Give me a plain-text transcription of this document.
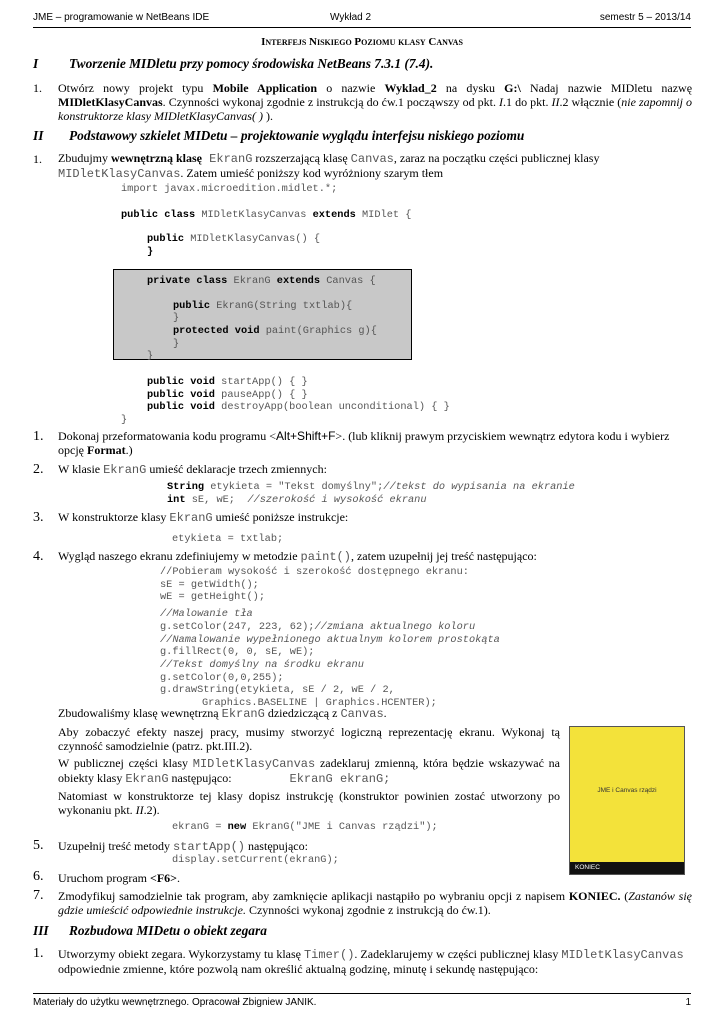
JME – programowanie w NetBeans IDE	Wykład 2	semestr 5 – 2013/14
Interfejs Niskiego Poziomu klasy Canvas
I Tworzenie MIDletu przy pomocy środowiska NetBeans 7.3.1 (7.4).
1. Otwórz nowy projekt typu Mobile Application o nazwie Wyklad_2 na dysku G:\ Nadaj nazwie MIDletu nazwę MIDletKlasyCanvas. Czynności wykonaj zgodnie z instrukcją do ćw.1 począwszy od pkt. I.1 do pkt. II.2 włącznie (nie zapomnij o konstruktorze klasy MIDletKlasyCanvas( ) ).
II Podstawowy szkielet MIDetu – projektowanie wyglądu interfejsu niskiego poziomu
1. Zbudujmy wewnętrzną klasę EkranG rozszerzającą klasę Canvas, zaraz na początku części publicznej klasy
MIDletKlasyCanvas. Zatem umieść poniższy kod wyróżniony szarym tłem
import javax.microedition.midlet.*;
public class MIDletKlasyCanvas extends MIDlet {
public MIDletKlasyCanvas() {
}
private class EkranG extends Canvas {
public EkranG(String txtlab){
}
protected void paint(Graphics g){
}
}
public void startApp() { }
public void pauseApp() { }
public void destroyApp(boolean unconditional) { }
}
1. Dokonaj przeformatowania kodu programu <Alt+Shift+F>. (lub kliknij prawym przyciskiem wewnątrz edytora kodu i wybierz opcję Format.)
2. W klasie EkranG umieść deklaracje trzech zmiennych:
String etykieta = "Tekst domyślny";//tekst do wypisania na ekranie
int sE, wE;  //szerokość i wysokość ekranu
3. W konstruktorze klasy EkranG umieść poniższe instrukcje:
etykieta = txtlab;
4. Wygląd naszego ekranu zdefiniujemy w metodzie paint(), zatem uzupełnij jej treść następująco:
//Pobieram wysokość i szerokość dostępnego ekranu:
sE = getWidth();
wE = getHeight();
//Malowanie tła
g.setColor(247, 223, 62);//zmiana aktualnego koloru
//Namalowanie wypełnionego aktualnym kolorem prostokąta
g.fillRect(0, 0, sE, wE);
//Tekst domyślny na środku ekranu
g.setColor(0,0,255);
g.drawString(etykieta, sE / 2, wE / 2,
Graphics.BASELINE | Graphics.HCENTER);
Zbudowaliśmy klasę wewnętrzną EkranG dziedziczącą z Canvas.
Aby zobaczyć efekty naszej pracy, musimy stworzyć logiczną reprezentację ekranu. Wykonaj tą czynność samodzielnie (patrz. pkt.III.2).
W publicznej części klasy MIDletKlasyCanvas zadeklaruj zmienną, która będzie wskazywać na obiekty klasy EkranG następująco:	EkranG ekranG;
Natomiast w konstruktorze tej klasy dopisz instrukcję (konstruktor powinien zostać utworzony po wykonaniu pkt. II.2).
ekranG = new EkranG("JME i Canvas rządzi");
JME i Canvas rządzi
KONIEC
5. Uzupełnij treść metody startApp() następująco:
display.setCurrent(ekranG);
6. Uruchom program <F6>.
7. Zmodyfikuj samodzielnie tak program, aby zamknięcie aplikacji nastąpiło po wybraniu opcji z napisem KONIEC. (Zastanów się gdzie umieścić odpowiednie instrukcje. Czynności wykonaj zgodnie z instrukcją do ćw.1).
III Rozbudowa MIDetu o obiekt zegara
1. Utworzymy obiekt zegara. Wykorzystamy tu klasę Timer(). Zadeklarujemy w części publicznej klasy MIDletKlasyCanvas
odpowiednie zmienne, które pozwolą nam określić aktualną godzinę, minutę i sekundę następująco:
Materiały do użytku wewnętrznego. Opracował Zbigniew JANIK.	1
